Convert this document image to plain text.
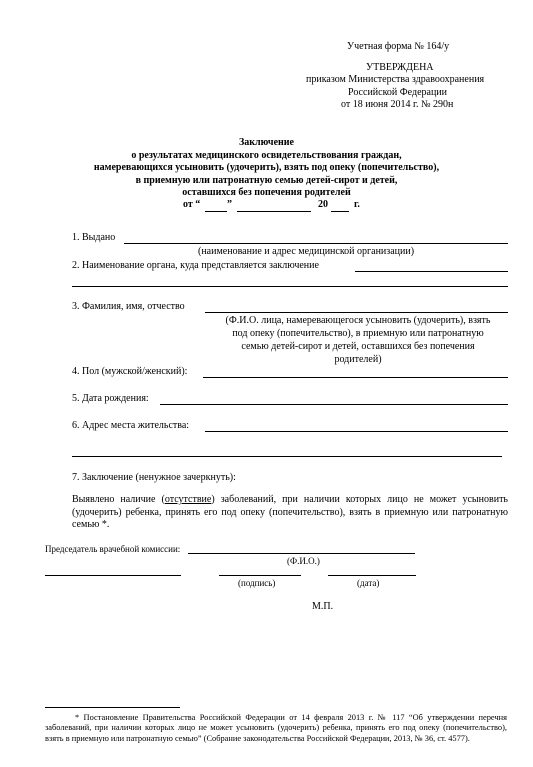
Учетная форма № 164/у
УТВЕРЖДЕНА
приказом Министерства здравоохранения
Российской Федерации
от 18 июня 2014 г. № 290н
Заключение
о результатах медицинского освидетельствования граждан,
намеревающихся усыновить (удочерить), взять под опеку (попечительство),
в приемную или патронатную семью детей-сирот и детей,
оставшихся без попечения родителей
от “	”	20	г.
1. Выдано
(наименование и адрес медицинской организации)
2. Наименование органа, куда представляется заключение
3. Фамилия, имя, отчество
(Ф.И.О. лица, намеревающегося усыновить (удочерить), взять
под опеку (попечительство), в приемную или патронатную
семью детей-сирот и детей, оставшихся без попечения
родителей)
4. Пол (мужской/женский):
5. Дата рождения:
6. Адрес места жительства:
7. Заключение (ненужное зачеркнуть):
Выявлено наличие (отсутствие) заболеваний, при наличии которых лицо не может усыновить (удочерить) ребенка, принять его под опеку (попечительство), взять в приемную или патронатную семью *.
Председатель врачебной комиссии:
(Ф.И.О.)
(подпись)	(дата)
М.П.
* Постановление Правительства Российской Федерации от 14 февраля 2013 г. № 117 “Об утверждении перечня заболеваний, при наличии которых лицо не может усыновить (удочерить) ребенка, принять его под опеку (попечительство), взять в приемную или патронатную семью” (Собрание законодательства Российской Федерации, 2013, № 36, ст. 4577).
